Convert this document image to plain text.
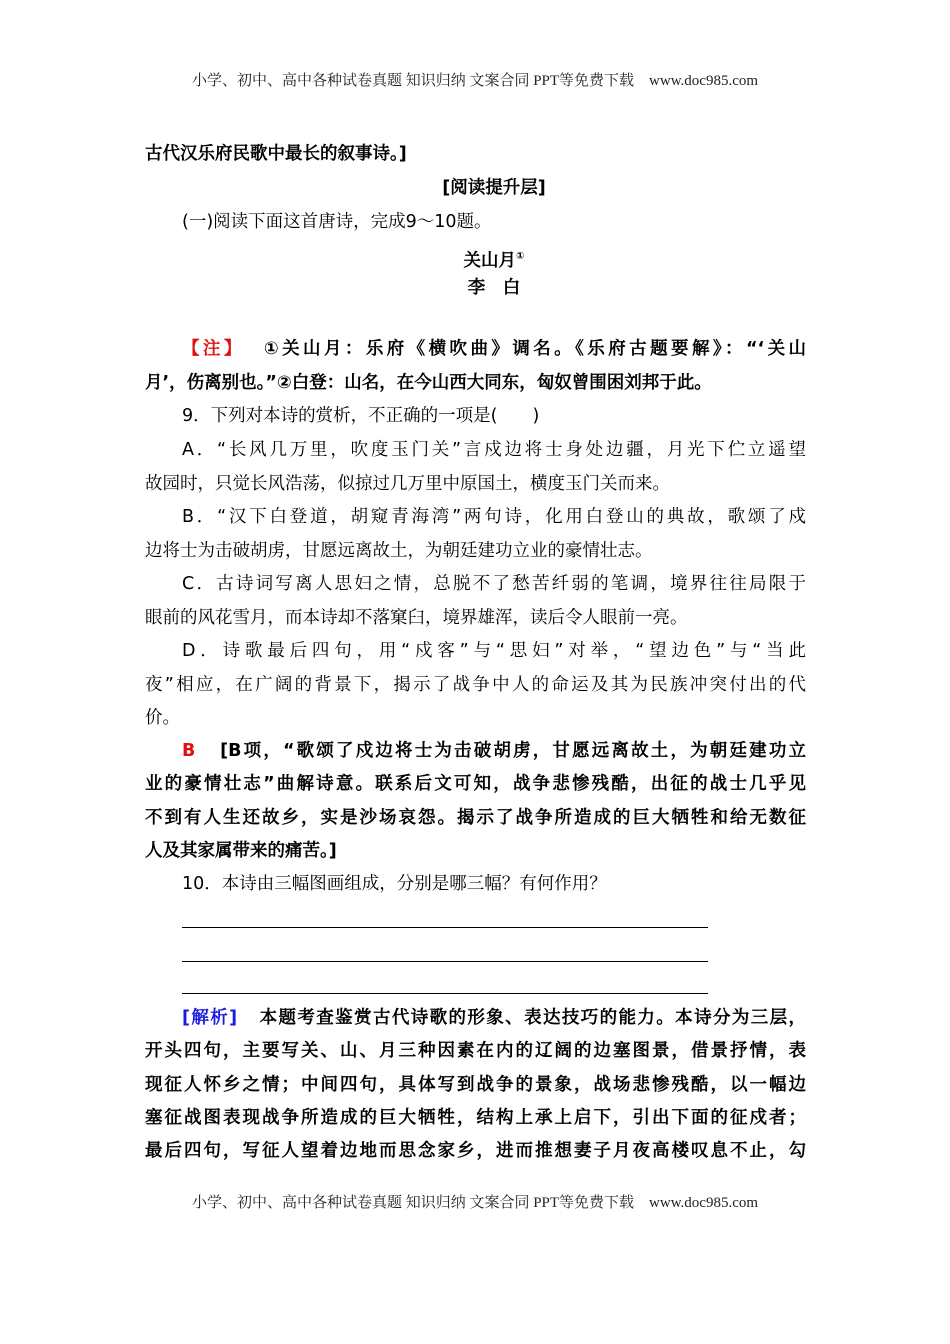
小学、初中、高中各种试卷真题 知识归纳 文案合同 PPT等免费下载　www.doc985.com
古代汉乐府民歌中最长的叙事诗。]
[阅读提升层]
(一)阅读下面这首唐诗，完成9～10题。
关山月①
李　白
【注】 ①关山月：乐府《横吹曲》调名。《乐府古题要解》：“‘关山
月’，伤离别也。”②白登：山名，在今山西大同东，匈奴曾围困刘邦于此。
9．下列对本诗的赏析，不正确的一项是(　　)
A．“长风几万里，吹度玉门关”言戍边将士身处边疆，月光下伫立遥望
故园时，只觉长风浩荡，似掠过几万里中原国土，横度玉门关而来。
B．“汉下白登道，胡窥青海湾”两句诗，化用白登山的典故，歌颂了戍
边将士为击破胡虏，甘愿远离故土，为朝廷建功立业的豪情壮志。
C．古诗词写离人思妇之情，总脱不了愁苦纤弱的笔调，境界往往局限于
眼前的风花雪月，而本诗却不落窠臼，境界雄浑，读后令人眼前一亮。
D．诗歌最后四句，用“戍客”与“思妇”对举，“望边色”与“当此
夜”相应，在广阔的背景下，揭示了战争中人的命运及其为民族冲突付出的代
价。
B [B项，“歌颂了戍边将士为击破胡虏，甘愿远离故土，为朝廷建功立
业的豪情壮志”曲解诗意。联系后文可知，战争悲惨残酷，出征的战士几乎见
不到有人生还故乡，实是沙场哀怨。揭示了战争所造成的巨大牺牲和给无数征
人及其家属带来的痛苦。]
10．本诗由三幅图画组成，分别是哪三幅？有何作用？
[解析] 本题考查鉴赏古代诗歌的形象、表达技巧的能力。本诗分为三层，
开头四句，主要写关、山、月三种因素在内的辽阔的边塞图景，借景抒情，表
现征人怀乡之情；中间四句，具体写到战争的景象，战场悲惨残酷，以一幅边
塞征战图表现战争所造成的巨大牺牲，结构上承上启下，引出下面的征戍者；
最后四句，写征人望着边地而思念家乡，进而推想妻子月夜高楼叹息不止，勾
小学、初中、高中各种试卷真题 知识归纳 文案合同 PPT等免费下载　www.doc985.com
